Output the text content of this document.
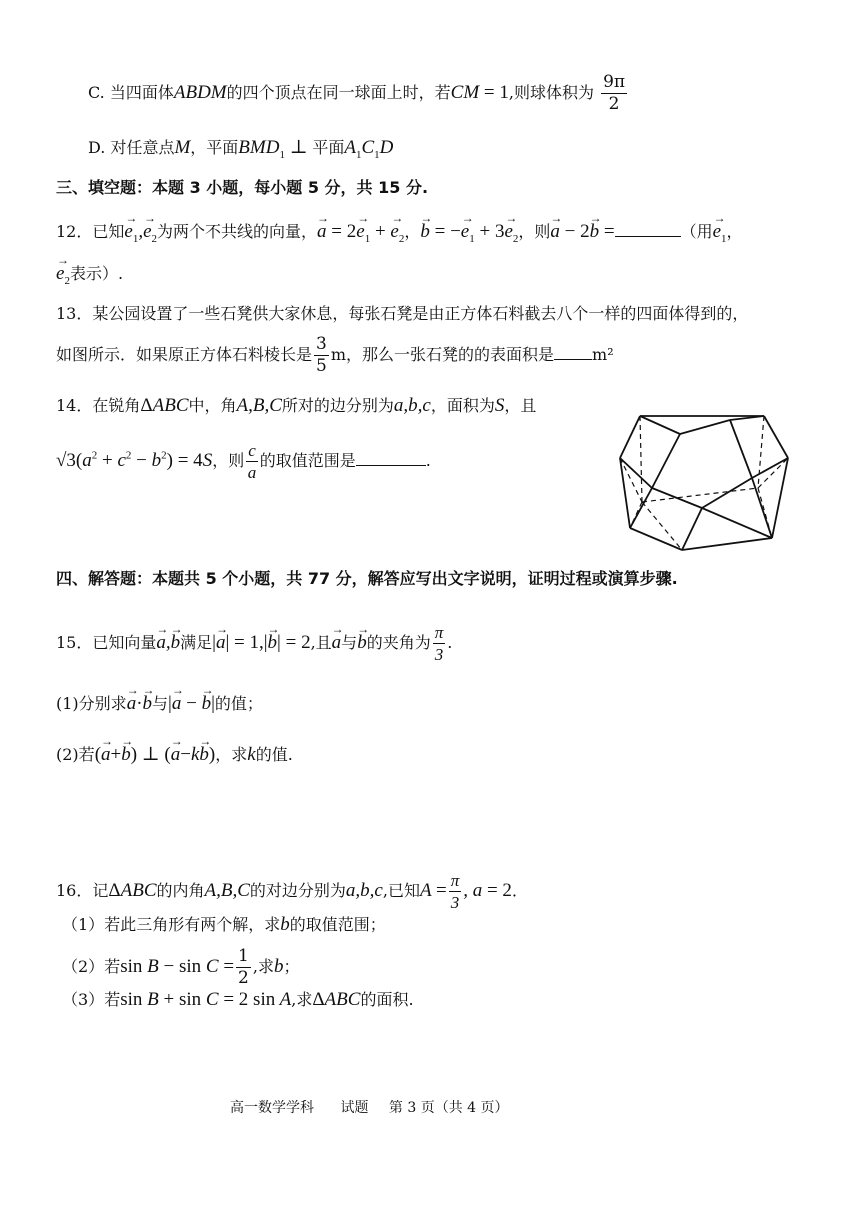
C. 当四面体ABDM的四个顶点在同一球面上时，若CM = 1,则球体积为 $\frac{9\pi}{2}$
D. 对任意点M，平面$BMD_1$ ⊥ 平面$A_1C_1D$
三、填空题：本题 3 小题，每小题 5 分，共 15 分.
12．已知→ $e_1,\to e_2$为两个不共线的向量，→ $a = 2\to e_1$ + → $e_2$，→ b = −→ $e_1 + 3\to e_2$，则→ a − 2→ b =	（用→ $e_1$，
→ $e_2$表示）.
13．某公园设置了一些石凳供大家休息，每张石凳是由正方体石料截去八个一样的四面体得到的，
如图所示．如果原正方体石料棱长是 $\frac{3}{5}$ m，那么一张石凳的的表面积是 m²
14．在锐角ΔABC中，角A,B,C所对的边分别为a,b,c，面积为S，且
$√3(a^2 + c^2 - b^2) = 4S$，则 $\frac{c}{a}$ 的取值范围是	.
四、解答题：本题共 5 个小题，共 77 分，解答应写出文字说明，证明过程或演算步骤.
15．已知向量→ a,→ b满足|→ a| = 1,|→ b| = 2,且→ a与→ b的夹角为 $\frac{\pi}{3}$ .
(1)分别求→ a·→ b与|→ a − → b|的值；
(2)若(→ a+→ b) ⊥ (→ a−k→ b)，求k的值.
16．记ΔABC的内角A,B,C的对边分别为a,b,c,已知$A = \frac{\pi}{3}$ , a = 2．
（1）若此三角形有两个解，求b的取值范围；
（2）若$\sin B - \sin C = \frac{1}{2}$ ,求b；
（3）若sin B + sin C = 2 sin A,求ΔABC的面积.
高一数学学科 试题 第 3 页（共 4 页）
